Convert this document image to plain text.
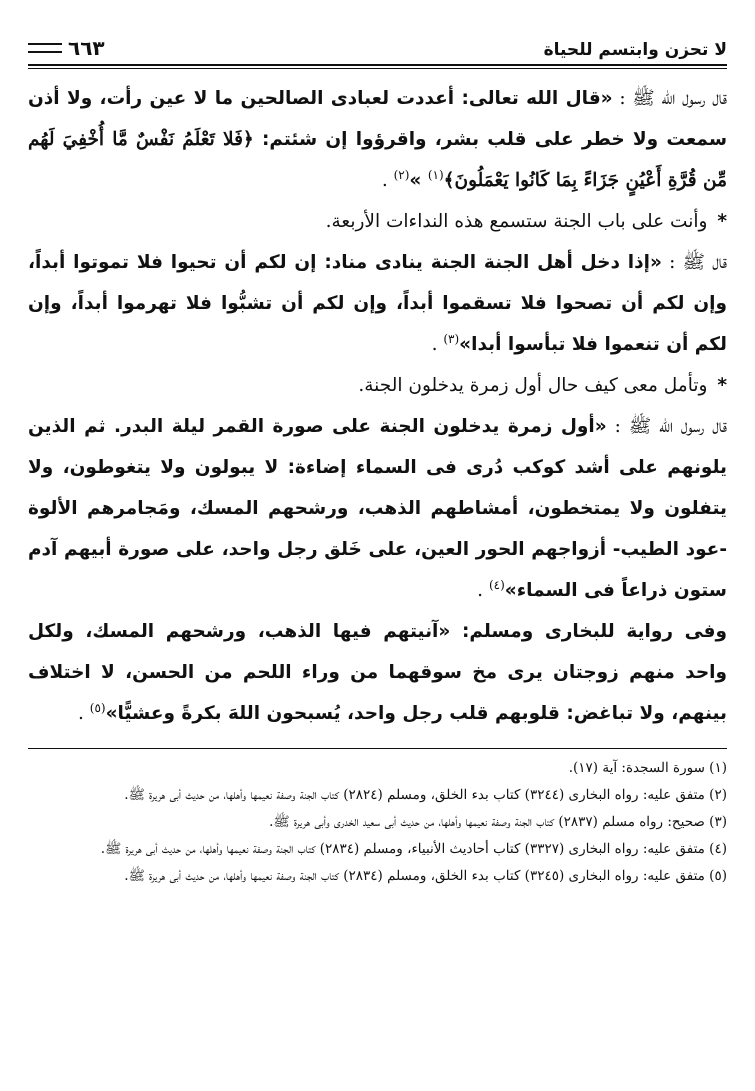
لا تحزن وابتسم للحياة
٦٦٣

قال رسول الله ﷺ : «قال الله تعالى: أعددت لعبادى الصالحين ما لا عين رأت، ولا أذن سمعت ولا خطر على قلب بشر، واقرؤوا إن شئتم: ﴿فَلا تَعْلَمُ نَفْسٌ مَّا أُخْفِيَ لَهُم مِّن قُرَّةِ أَعْيُنٍ جَزَاءً بِمَا كَانُوا يَعْمَلُونَ﴾$^{(١)}$ »$^{(٢)}$ .

* وأنت على باب الجنة ستسمع هذه النداءات الأربعة.

قال ﷺ : «إذا دخل أهل الجنة الجنة ينادى مناد: إن لكم أن تحيوا فلا تموتوا أبداً، وإن لكم أن تصحوا فلا تسقموا أبداً، وإن لكم أن تشبُّوا فلا تهرموا أبداً، وإن لكم أن تنعموا فلا تبأسوا أبدا»$^{(٣)}$ .

* وتأمل معى كيف حال أول زمرة يدخلون الجنة.

قال رسول الله ﷺ : «أول زمرة يدخلون الجنة على صورة القمر ليلة البدر. ثم الذين يلونهم على أشد كوكب دُرى فى السماء إضاءة: لا يبولون ولا يتغوطون، ولا يتفلون ولا يمتخطون، أمشاطهم الذهب، ورشحهم المسك، ومَجامرهم الألوة -عود الطيب- أزواجهم الحور العين، على خَلق رجل واحد، على صورة أبيهم آدم ستون ذراعاً فى السماء»$^{(٤)}$ .

وفى رواية للبخارى ومسلم: «آنيتهم فيها الذهب، ورشحهم المسك، ولكل واحد منهم زوجتان يرى مخ سوقهما من وراء اللحم من الحسن، لا اختلاف بينهم، ولا تباغض: قلوبهم قلب رجل واحد، يُسبحون اللهَ بكرةً وعشيًّا»$^{(٥)}$ .

(١) سورة السجدة: آية (١٧).

(٢) متفق عليه: رواه البخارى (٣٢٤٤) كتاب بدء الخلق، ومسلم (٢٨٢٤) كتاب الجنة وصفة نعيمها وأهلها، من حديث أبى هريرة ﷺ.

(٣) صحيح: رواه مسلم (٢٨٣٧) كتاب الجنة وصفة نعيمها وأهلها، من حديث أبى سعيد الخدرى وأبى هريرة ﷺ.

(٤) متفق عليه: رواه البخارى (٣٣٢٧) كتاب أحاديث الأنبياء، ومسلم (٢٨٣٤) كتاب الجنة وصفة نعيمها وأهلها، من حديث أبى هريرة ﷺ.

(٥) متفق عليه: رواه البخارى (٣٢٤٥) كتاب بدء الخلق، ومسلم (٢٨٣٤) كتاب الجنة وصفة نعيمها وأهلها، من حديث أبى هريرة ﷺ.
